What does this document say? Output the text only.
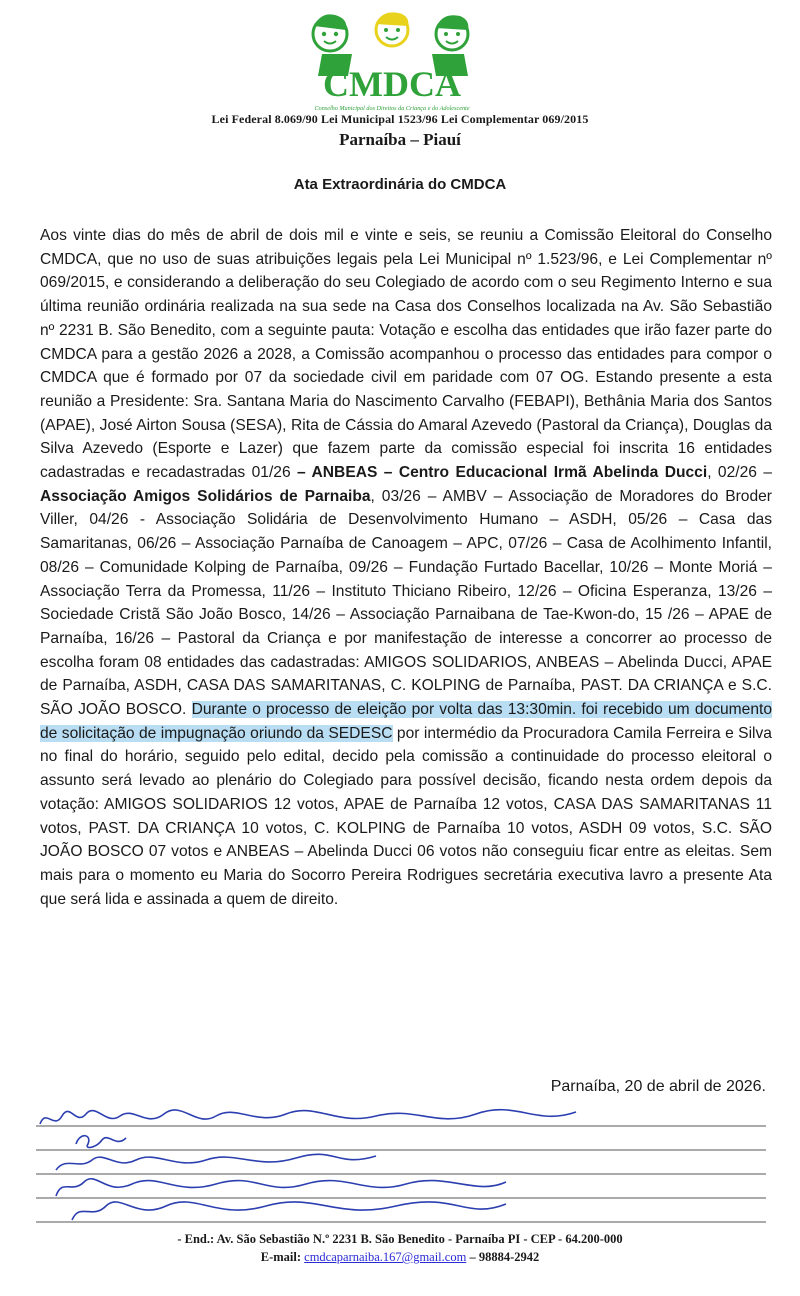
CMDCA
Conselho Municipal dos Direitos da Criança e do Adolescente
Lei Federal 8.069/90 Lei Municipal 1523/96 Lei Complementar 069/2015
Parnaíba – Piauí
Ata Extraordinária do CMDCA
Aos vinte dias do mês de abril de dois mil e vinte e seis, se reuniu a Comissão Eleitoral do Conselho CMDCA, que no uso de suas atribuições legais pela Lei Municipal nº 1.523/96, e Lei Complementar nº 069/2015, e considerando a deliberação do seu Colegiado de acordo com o seu Regimento Interno e sua última reunião ordinária realizada na sua sede na Casa dos Conselhos localizada na Av. São Sebastião nº 2231 B. São Benedito, com a seguinte pauta: Votação e escolha das entidades que irão fazer parte do CMDCA para a gestão 2026 a 2028, a Comissão acompanhou o processo das entidades para compor o CMDCA que é formado por 07 da sociedade civil em paridade com 07 OG. Estando presente a esta reunião a Presidente: Sra. Santana Maria do Nascimento Carvalho (FEBAPI), Bethânia Maria dos Santos (APAE), José Airton Sousa (SESA), Rita de Cássia do Amaral Azevedo (Pastoral da Criança), Douglas da Silva Azevedo (Esporte e Lazer) que fazem parte da comissão especial foi inscrita 16 entidades cadastradas e recadastradas 01/26 – ANBEAS – Centro Educacional Irmã Abelinda Ducci, 02/26 – Associação Amigos Solidários de Parnaiba, 03/26 – AMBV – Associação de Moradores do Broder Viller, 04/26 - Associação Solidária de Desenvolvimento Humano – ASDH, 05/26 – Casa das Samaritanas, 06/26 – Associação Parnaíba de Canoagem – APC, 07/26 – Casa de Acolhimento Infantil, 08/26 – Comunidade Kolping de Parnaíba, 09/26 – Fundação Furtado Bacellar, 10/26 – Monte Moriá – Associação Terra da Promessa, 11/26 – Instituto Thiciano Ribeiro, 12/26 – Oficina Esperanza, 13/26 – Sociedade Cristã São João Bosco, 14/26 – Associação Parnaibana de Tae-Kwon-do, 15 /26 – APAE de Parnaíba, 16/26 – Pastoral da Criança e por manifestação de interesse a concorrer ao processo de escolha foram 08 entidades das cadastradas: AMIGOS SOLIDARIOS, ANBEAS – Abelinda Ducci, APAE de Parnaíba, ASDH, CASA DAS SAMARITANAS, C. KOLPING de Parnaíba, PAST. DA CRIANÇA e S.C. SÃO JOÃO BOSCO. Durante o processo de eleição por volta das 13:30min. foi recebido um documento de solicitação de impugnação oriundo da SEDESC por intermédio da Procuradora Camila Ferreira e Silva no final do horário, seguido pelo edital, decido pela comissão a continuidade do processo eleitoral o assunto será levado ao plenário do Colegiado para possível decisão, ficando nesta ordem depois da votação: AMIGOS SOLIDARIOS 12 votos, APAE de Parnaíba 12 votos, CASA DAS SAMARITANAS 11 votos, PAST. DA CRIANÇA 10 votos, C. KOLPING de Parnaíba 10 votos, ASDH 09 votos, S.C. SÃO JOÃO BOSCO 07 votos e ANBEAS – Abelinda Ducci 06 votos não conseguiu ficar entre as eleitas. Sem mais para o momento eu Maria do Socorro Pereira Rodrigues secretária executiva lavro a presente Ata que será lida e assinada a quem de direito.
Parnaíba, 20 de abril de 2026.
- End.: Av. São Sebastião N.º 2231 B. São Benedito - Parnaíba PI - CEP - 64.200-000
E-mail: cmdcaparnaiba.167@gmail.com – 98884-2942
